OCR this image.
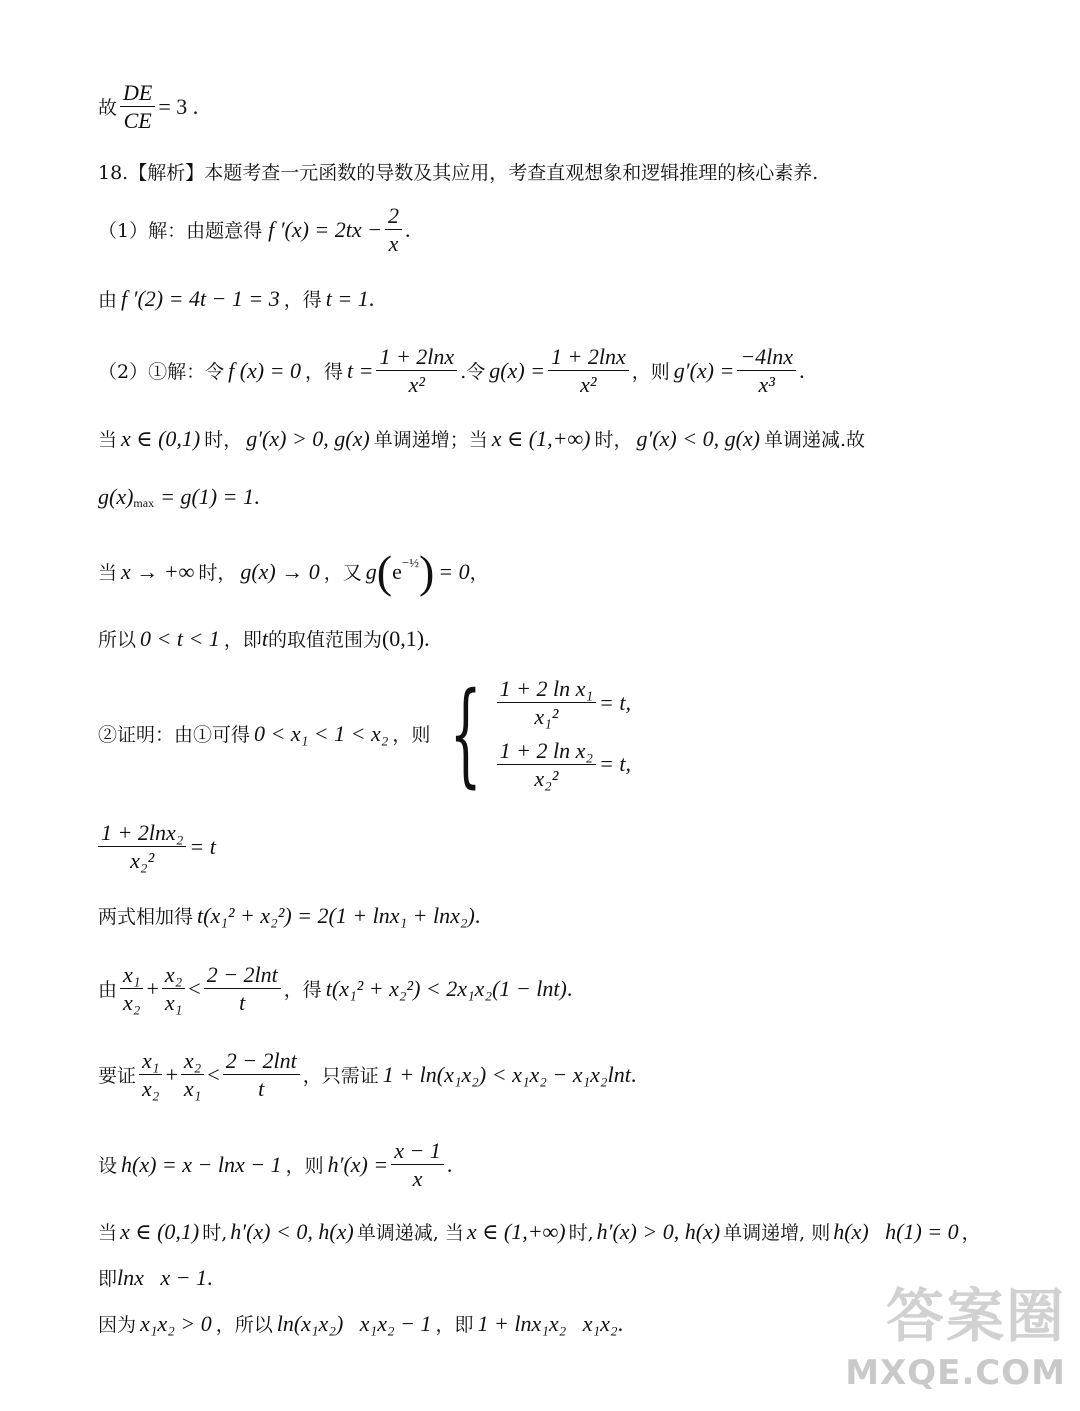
故 $\frac{DE}{CE} = 3$ .
18.【解析】本题考查一元函数的导数及其应用，考查直观想象和逻辑推理的核心素养.
（1）解：由题意得 f $'(x) = 2tx - \frac{2}{x}$ .
由 f ′(2) = 4t − 1 = 3 ，得 t = 1 .
（2）①解：令 f (x) = 0 ，得 $t = \frac{1 + 2\ln x}{\text{x²}}$ .令 $g(x) = \frac{1 + 2\ln x}{\text{x²}}$ ，则 $g'(x) = \frac{-4\ln x}{\text{x³}}$ .
当 x ∈ (0,1) 时， g′(x) > 0, g(x) 单调递增；当 x ∈ (1,+∞) 时， g′(x) < 0, g(x) 单调递减.故
$g(x)_{max} = g(1) = 1$ .
当 x → +∞ 时， g(x) → 0 ，又 g ( $e^{-\frac{1}{2}}$ ) = 0 ，
所以 0 < t < 1 ，即 t 的取值范围为 (0,1) .
②证明：由①可得 0 < x₁ < 1 < x₂ ，则 { $\frac{\text{1 + 2 ln x₁}}{\text{x₁²}} = t$,
$\frac{\text{1 + 2 ln x₂}}{\text{x₂²}} = t$,
$\frac{\text{1 + 2lnx₂}}{\text{x₂²}} = t$
两式相加得 t(x₁² + x₂²) = 2(1 + lnx₁ + lnx₂) .
由 $\frac{\text{x₁}}{\text{x₂}} + \frac{\text{x₂}}{\text{x₁}} < \frac{2 - 2\ln t}{t}$ ，得 t(x₁² + x₂²) < 2x₁x₂(1 − lnt) .
要证 $\frac{\text{x₁}}{\text{x₂}} + \frac{\text{x₂}}{\text{x₁}} < \frac{2 - 2\ln t}{t}$ ，只需证 1 + ln(x₁x₂) < x₁x₂ − x₁x₂lnt .
设 h(x) = x − lnx − 1 ，则 $h'(x) = \frac{x - 1}{x}$ .
当 x ∈ (0,1) 时, h′(x) < 0, h(x) 单调递减, 当 x ∈ (1,+∞) 时, h′(x) > 0, h(x) 单调递增, 则 h(x)   h(1) = 0 ，
即 lnx   x − 1 .
因为 x₁x₂ > 0 ，所以 ln(x₁x₂)   x₁x₂ − 1 ，即 1 + lnx₁x₂   x₁x₂ .	答案圈
MXQE.COM
